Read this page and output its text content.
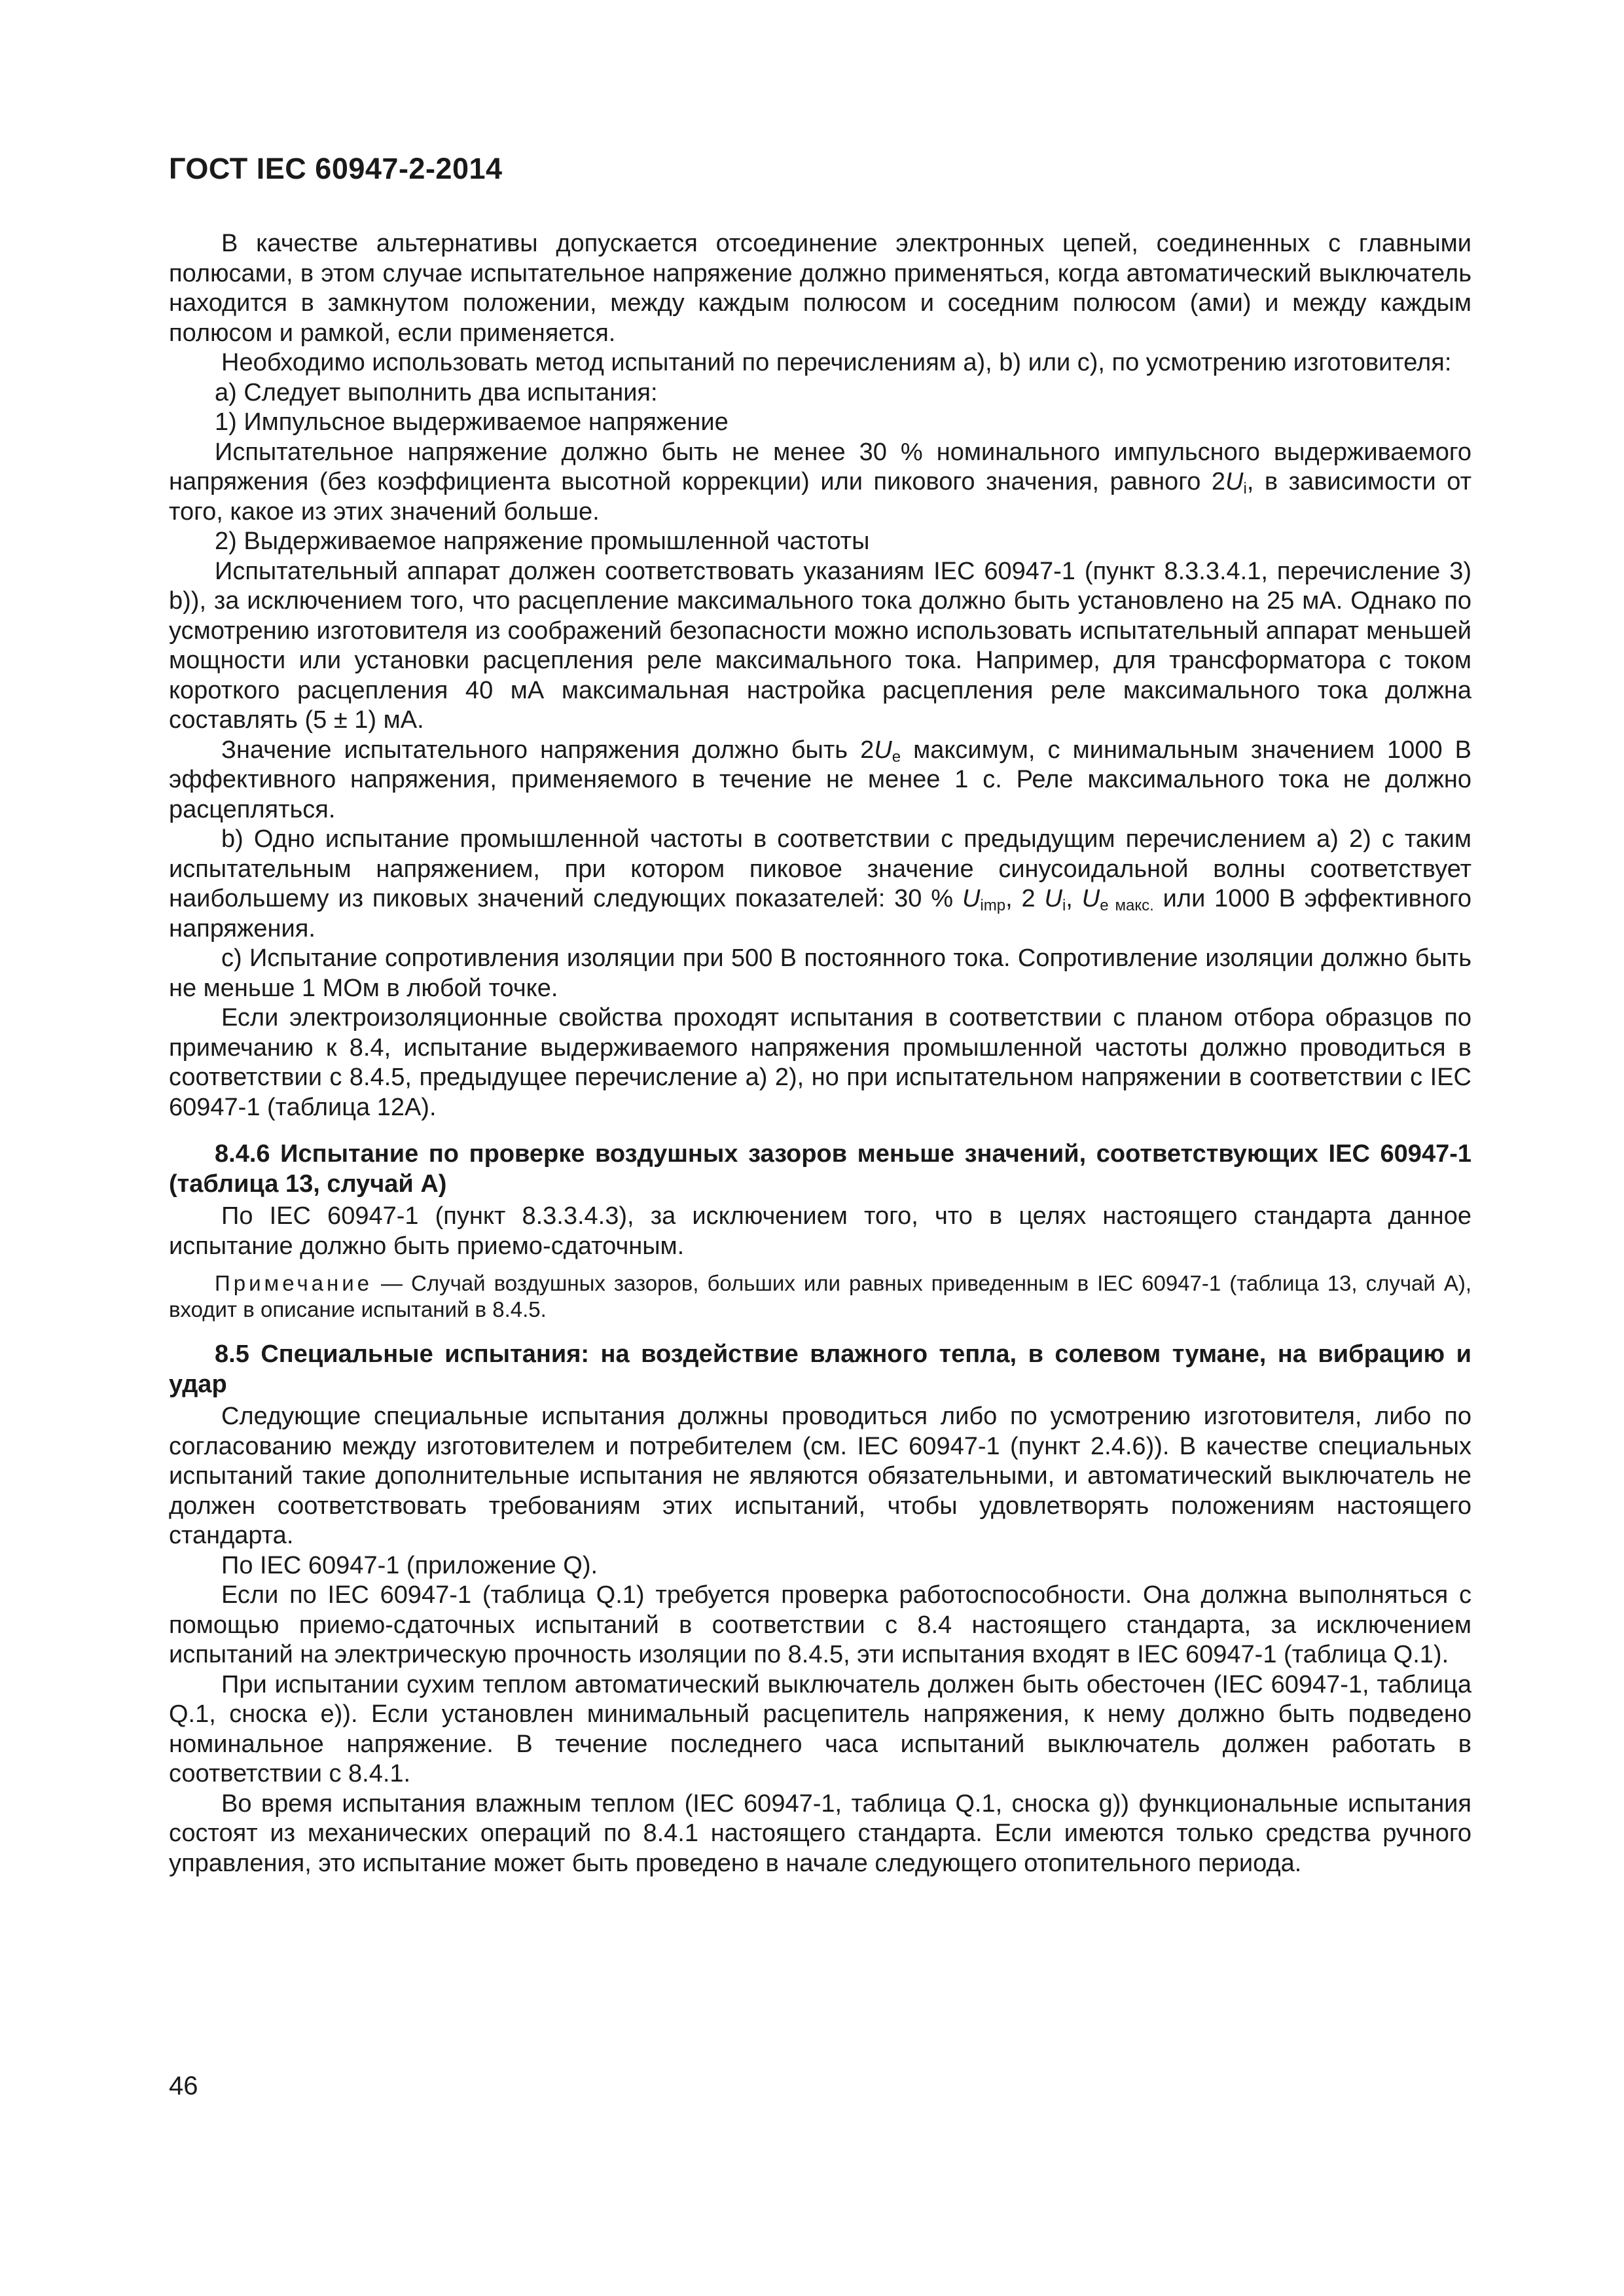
ГОСТ IEC 60947-2-2014

В качестве альтернативы допускается отсоединение электронных цепей, соединенных с главными полюсами, в этом случае испытательное напряжение должно применяться, когда автоматический выключатель находится в замкнутом положении, между каждым полюсом и соседним полюсом (ами) и между каждым полюсом и рамкой, если применяется.

Необходимо использовать метод испытаний по перечислениям а), b) или с), по усмотрению изготовителя:

а) Следует выполнить два испытания:

1) Импульсное выдерживаемое напряжение

Испытательное напряжение должно быть не менее 30 % номинального импульсного выдерживаемого напряжения (без коэффициента высотной коррекции) или пикового значения, равного $2U_i$, в зависимости от того, какое из этих значений больше.

2) Выдерживаемое напряжение промышленной частоты

Испытательный аппарат должен соответствовать указаниям IEC 60947-1 (пункт 8.3.3.4.1, перечисление 3) b)), за исключением того, что расцепление максимального тока должно быть установлено на 25 мА. Однако по усмотрению изготовителя из соображений безопасности можно использовать испытательный аппарат меньшей мощности или установки расцепления реле максимального тока. Например, для трансформатора с током короткого расцепления 40 мА максимальная настройка расцепления реле максимального тока должна составлять (5 ± 1) мА.

Значение испытательного напряжения должно быть $2U_e$ максимум, с минимальным значением 1000 В эффективного напряжения, применяемого в течение не менее 1 с. Реле максимального тока не должно расцепляться.

b) Одно испытание промышленной частоты в соответствии с предыдущим перечислением а) 2) с таким испытательным напряжением, при котором пиковое значение синусоидальной волны соответствует наибольшему из пиковых значений следующих показателей: 30 % $U_{imp}$, 2 $U_i$, $U_{e макс.}$ или 1000 В эффективного напряжения.

с) Испытание сопротивления изоляции при 500 В постоянного тока. Сопротивление изоляции должно быть не меньше 1 МОм в любой точке.

Если электроизоляционные свойства проходят испытания в соответствии с планом отбора образцов по примечанию к 8.4, испытание выдерживаемого напряжения промышленной частоты должно проводиться в соответствии с 8.4.5, предыдущее перечисление а) 2), но при испытательном напряжении в соответствии с IEC 60947-1 (таблица 12А).

8.4.6 Испытание по проверке воздушных зазоров меньше значений, соответствующих IEC 60947-1 (таблица 13, случай А)

По IEC 60947-1 (пункт 8.3.3.4.3), за исключением того, что в целях настоящего стандарта данное испытание должно быть приемо-сдаточным.

Примечание — Случай воздушных зазоров, больших или равных приведенным в IEC 60947-1 (таблица 13, случай А), входит в описание испытаний в 8.4.5.

8.5 Специальные испытания: на воздействие влажного тепла, в солевом тумане, на вибрацию и удар

Следующие специальные испытания должны проводиться либо по усмотрению изготовителя, либо по согласованию между изготовителем и потребителем (см. IEC 60947-1 (пункт 2.4.6)). В качестве специальных испытаний такие дополнительные испытания не являются обязательными, и автоматический выключатель не должен соответствовать требованиям этих испытаний, чтобы удовлетворять положениям настоящего стандарта.

По IEC 60947-1 (приложение Q).

Если по IEC 60947-1 (таблица Q.1) требуется проверка работоспособности. Она должна выполняться с помощью приемо-сдаточных испытаний в соответствии с 8.4 настоящего стандарта, за исключением испытаний на электрическую прочность изоляции по 8.4.5, эти испытания входят в IEC 60947-1 (таблица Q.1).

При испытании сухим теплом автоматический выключатель должен быть обесточен (IEC 60947-1, таблица Q.1, сноска е)). Если установлен минимальный расцепитель напряжения, к нему должно быть подведено номинальное напряжение. В течение последнего часа испытаний выключатель должен работать в соответствии с 8.4.1.

Во время испытания влажным теплом (IEC 60947-1, таблица Q.1, сноска g)) функциональные испытания состоят из механических операций по 8.4.1 настоящего стандарта. Если имеются только средства ручного управления, это испытание может быть проведено в начале следующего отопительного периода.

46
